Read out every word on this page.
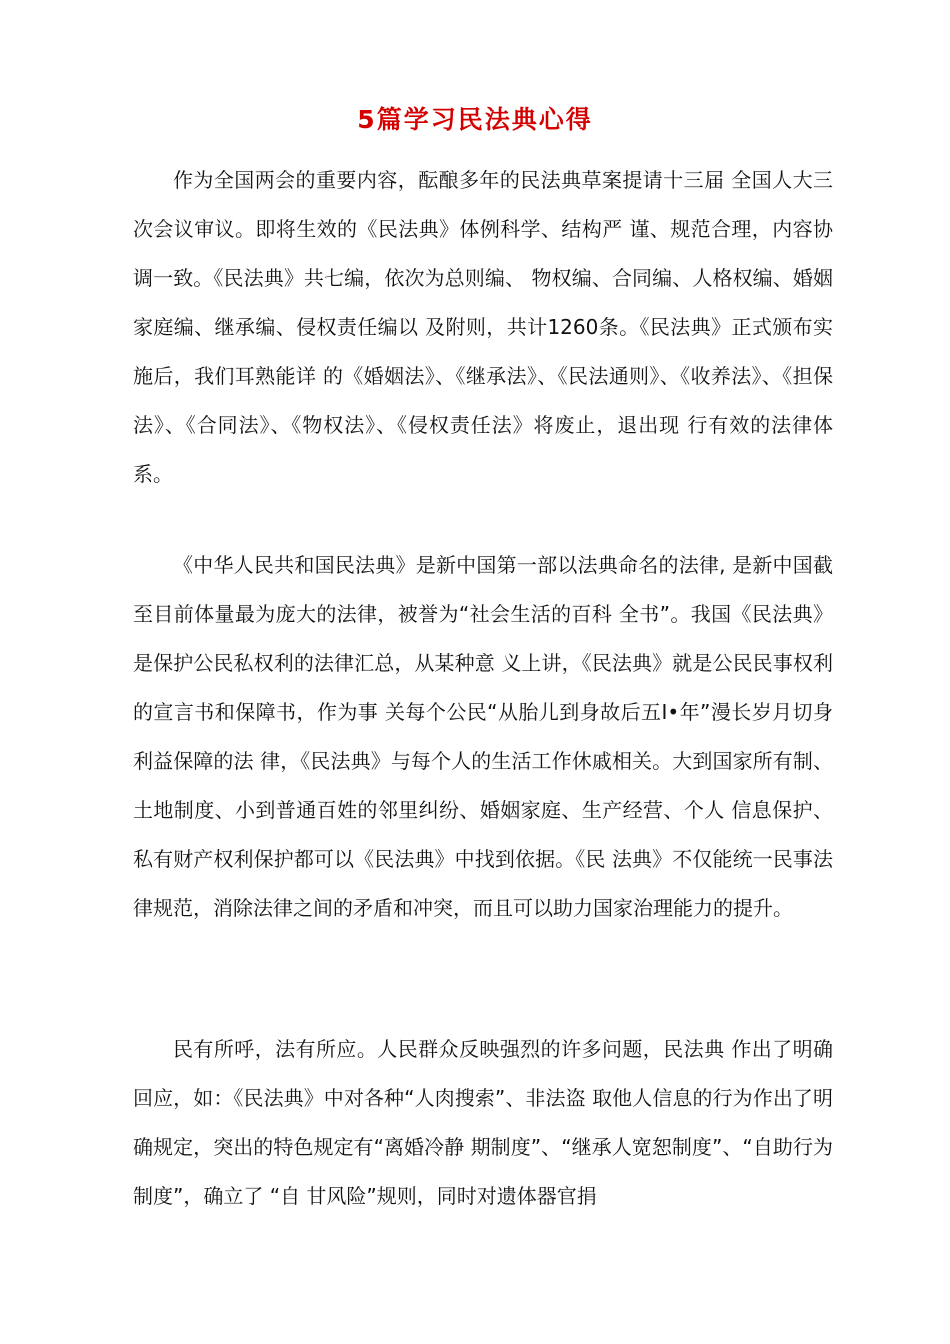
5篇学习民法典心得

作为全国两会的重要内容，酝酿多年的民法典草案提请十三届 全国人大三次会议审议。即将生效的《民法典》体例科学、结构严 谨、规范合理，内容协调一致。《民法典》共七编，依次为总则编、 物权编、合同编、人格权编、婚姻家庭编、继承编、侵权责任编以 及附则，共计1260条。《民法典》正式颁布实施后，我们耳熟能详 的《婚姻法》、《继承法》、《民法通则》、《收养法》、《担保 法》、《合同法》、《物权法》、《侵权责任法》将废止，退出现 行有效的法律体系。

《中华人民共和国民法典》是新中国第一部以法典命名的法律, 是新中国截至目前体量最为庞大的法律，被誉为“社会生活的百科 全书”。我国《民法典》是保护公民私权利的法律汇总，从某种意 义上讲，《民法典》就是公民民事权利的宣言书和保障书，作为事 关每个公民“从胎儿到身故后五I•年”漫长岁月切身利益保障的法 律，《民法典》与每个人的生活工作休戚相关。大到国家所有制、 土地制度、小到普通百姓的邻里纠纷、婚姻家庭、生产经营、个人 信息保护、私有财产权利保护都可以《民法典》中找到依据。《民 法典》不仅能统一民事法律规范，消除法律之间的矛盾和冲突，而且可以助力国家治理能力的提升。

民有所呼，法有所应。人民群众反映强烈的许多问题，民法典 作出了明确回应，如：《民法典》中对各种“人肉搜索”、非法盗 取他人信息的行为作出了明确规定，突出的特色规定有“离婚冷静 期制度”、“继承人宽恕制度”、“自助行为制度”，确立了 “自 甘风险”规则，同时对遗体器官捐
